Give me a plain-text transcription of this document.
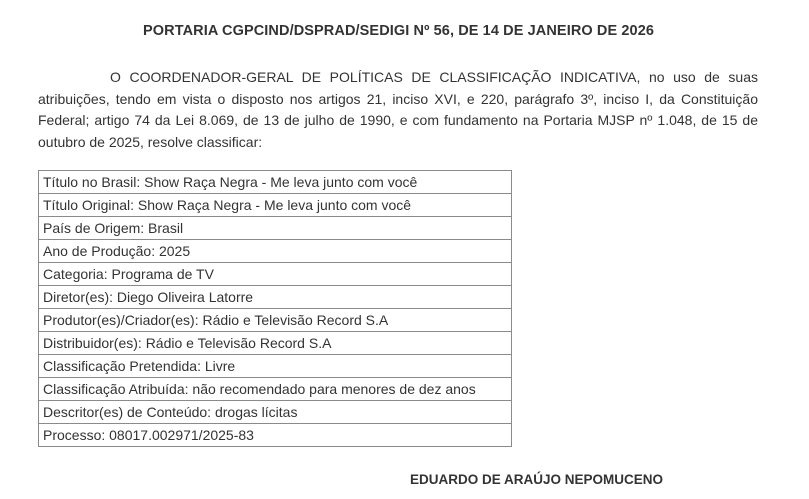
PORTARIA CGPCIND/DSPRAD/SEDIGI Nº 56, DE 14 DE JANEIRO DE 2026

O COORDENADOR-GERAL DE POLÍTICAS DE CLASSIFICAÇÃO INDICATIVA, no uso de suas atribuições, tendo em vista o disposto nos artigos 21, inciso XVI, e 220, parágrafo 3º, inciso I, da Constituição Federal; artigo 74 da Lei 8.069, de 13 de julho de 1990, e com fundamento na Portaria MJSP nº 1.048, de 15 de outubro de 2025, resolve classificar:

Título no Brasil: Show Raça Negra - Me leva junto com você
Título Original: Show Raça Negra - Me leva junto com você
País de Origem: Brasil
Ano de Produção: 2025
Categoria: Programa de TV
Diretor(es): Diego Oliveira Latorre
Produtor(es)/Criador(es): Rádio e Televisão Record S.A
Distribuidor(es): Rádio e Televisão Record S.A
Classificação Pretendida: Livre
Classificação Atribuída: não recomendado para menores de dez anos
Descritor(es) de Conteúdo: drogas lícitas
Processo: 08017.002971/2025-83
EDUARDO DE ARAÚJO NEPOMUCENO
